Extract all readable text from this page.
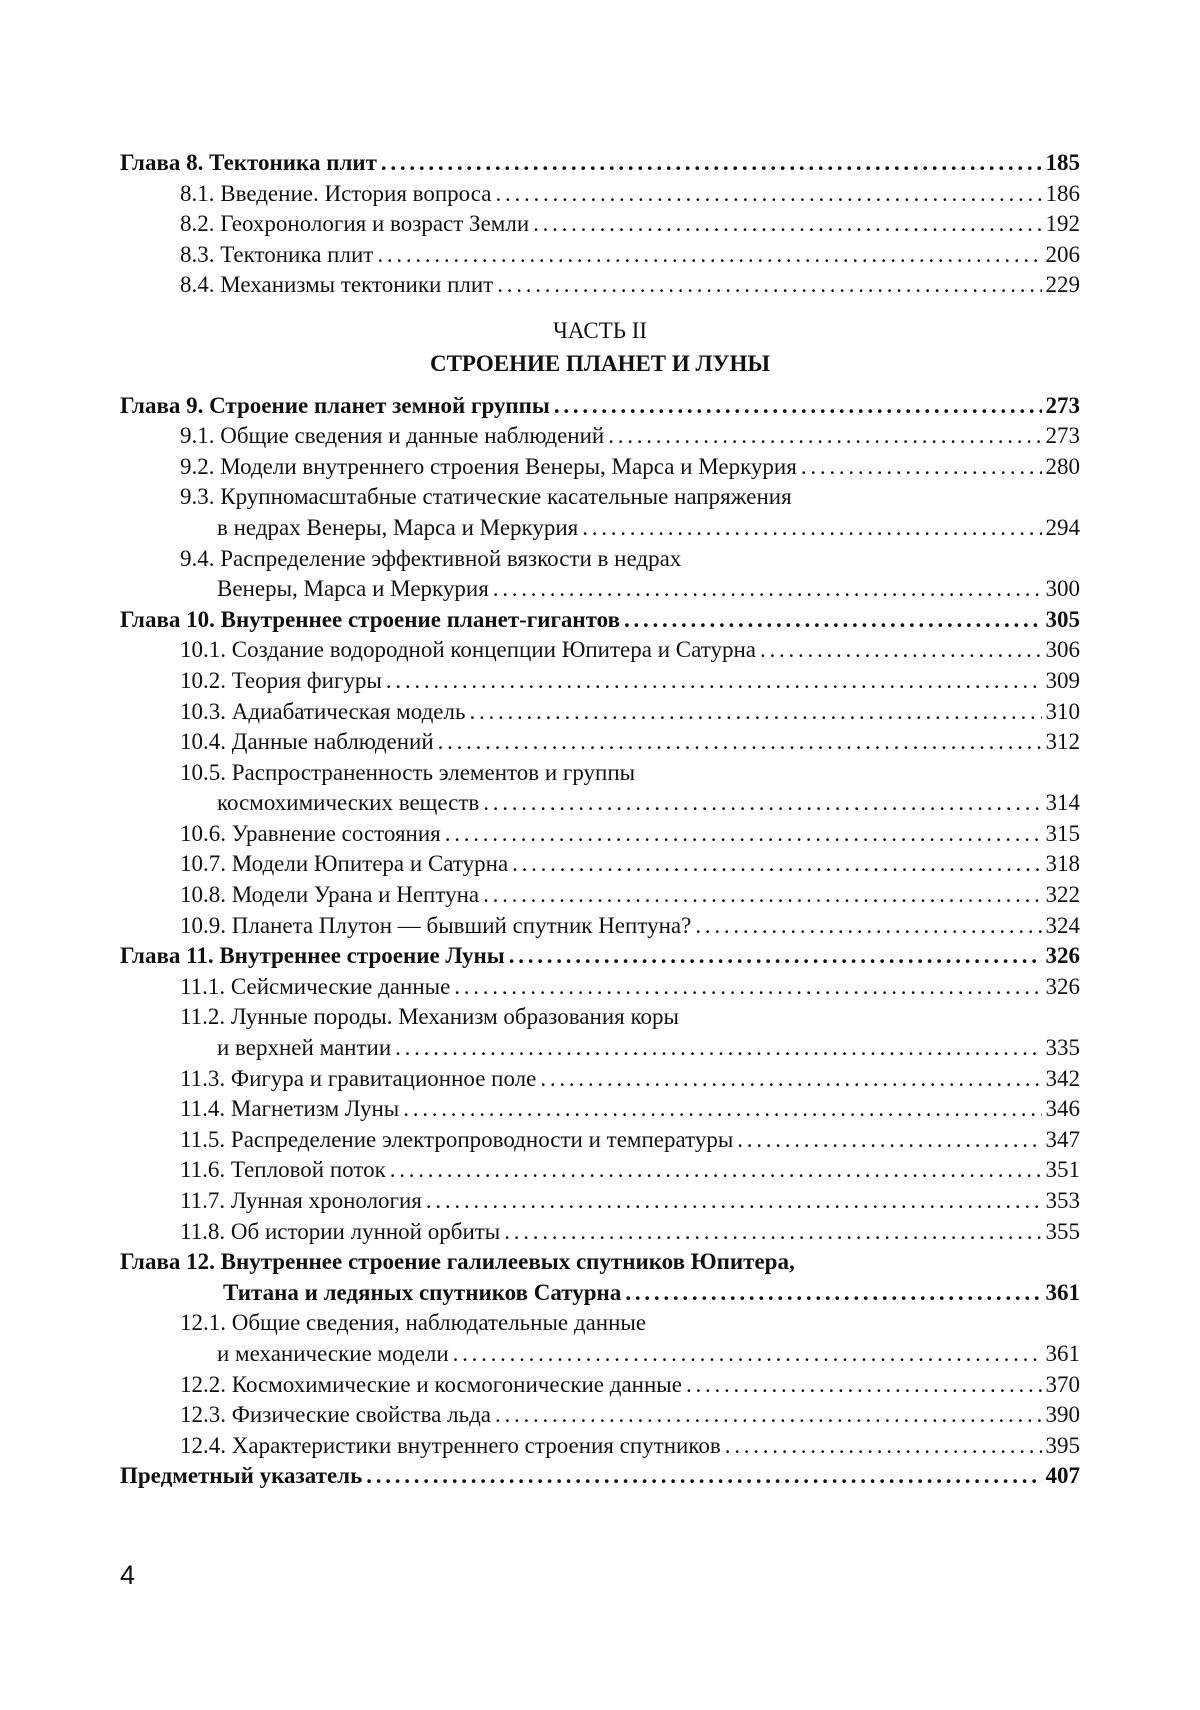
Глава 8. Тектоника плит . . .	185
8.1. Введение. История вопроса . . .	186
8.2. Геохронология и возраст Земли . . .	192
8.3. Тектоника плит . . .	206
8.4. Механизмы тектоники плит . . .	229
ЧАСТЬ II
СТРОЕНИЕ ПЛАНЕТ И ЛУНЫ
Глава 9. Строение планет земной группы . . .	273
9.1. Общие сведения и данные наблюдений . . .	273
9.2. Модели внутреннего строения Венеры, Марса и Меркурия . . .	280
9.3. Крупномасштабные статические касательные напряжения
в недрах Венеры, Марса и Меркурия . . .	294
9.4. Распределение эффективной вязкости в недрах
Венеры, Марса и Меркурия . . .	300
Глава 10. Внутреннее строение планет-гигантов . . .	305
10.1. Создание водородной концепции Юпитера и Сатурна . . .	306
10.2. Теория фигуры . . .	309
10.3. Адиабатическая модель . . .	310
10.4. Данные наблюдений . . .	312
10.5. Распространенность элементов и группы
космохимических веществ . . .	314
10.6. Уравнение состояния . . .	315
10.7. Модели Юпитера и Сатурна . . .	318
10.8. Модели Урана и Нептуна . . .	322
10.9. Планета Плутон — бывший спутник Нептуна? . . .	324
Глава 11. Внутреннее строение Луны . . .	326
11.1. Сейсмические данные . . .	326
11.2. Лунные породы. Механизм образования коры
и верхней мантии . . .	335
11.3. Фигура и гравитационное поле . . .	342
11.4. Магнетизм Луны . . .	346
11.5. Распределение электропроводности и температуры . . .	347
11.6. Тепловой поток . . .	351
11.7. Лунная хронология . . .	353
11.8. Об истории лунной орбиты . . .	355
Глава 12. Внутреннее строение галилеевых спутников Юпитера,
Титана и ледяных спутников Сатурна . . .	361
12.1. Общие сведения, наблюдательные данные
и механические модели . . .	361
12.2. Космохимические и космогонические данные . . .	370
12.3. Физические свойства льда . . .	390
12.4. Характеристики внутреннего строения спутников . . .	395
Предметный указатель . . .	407
4
